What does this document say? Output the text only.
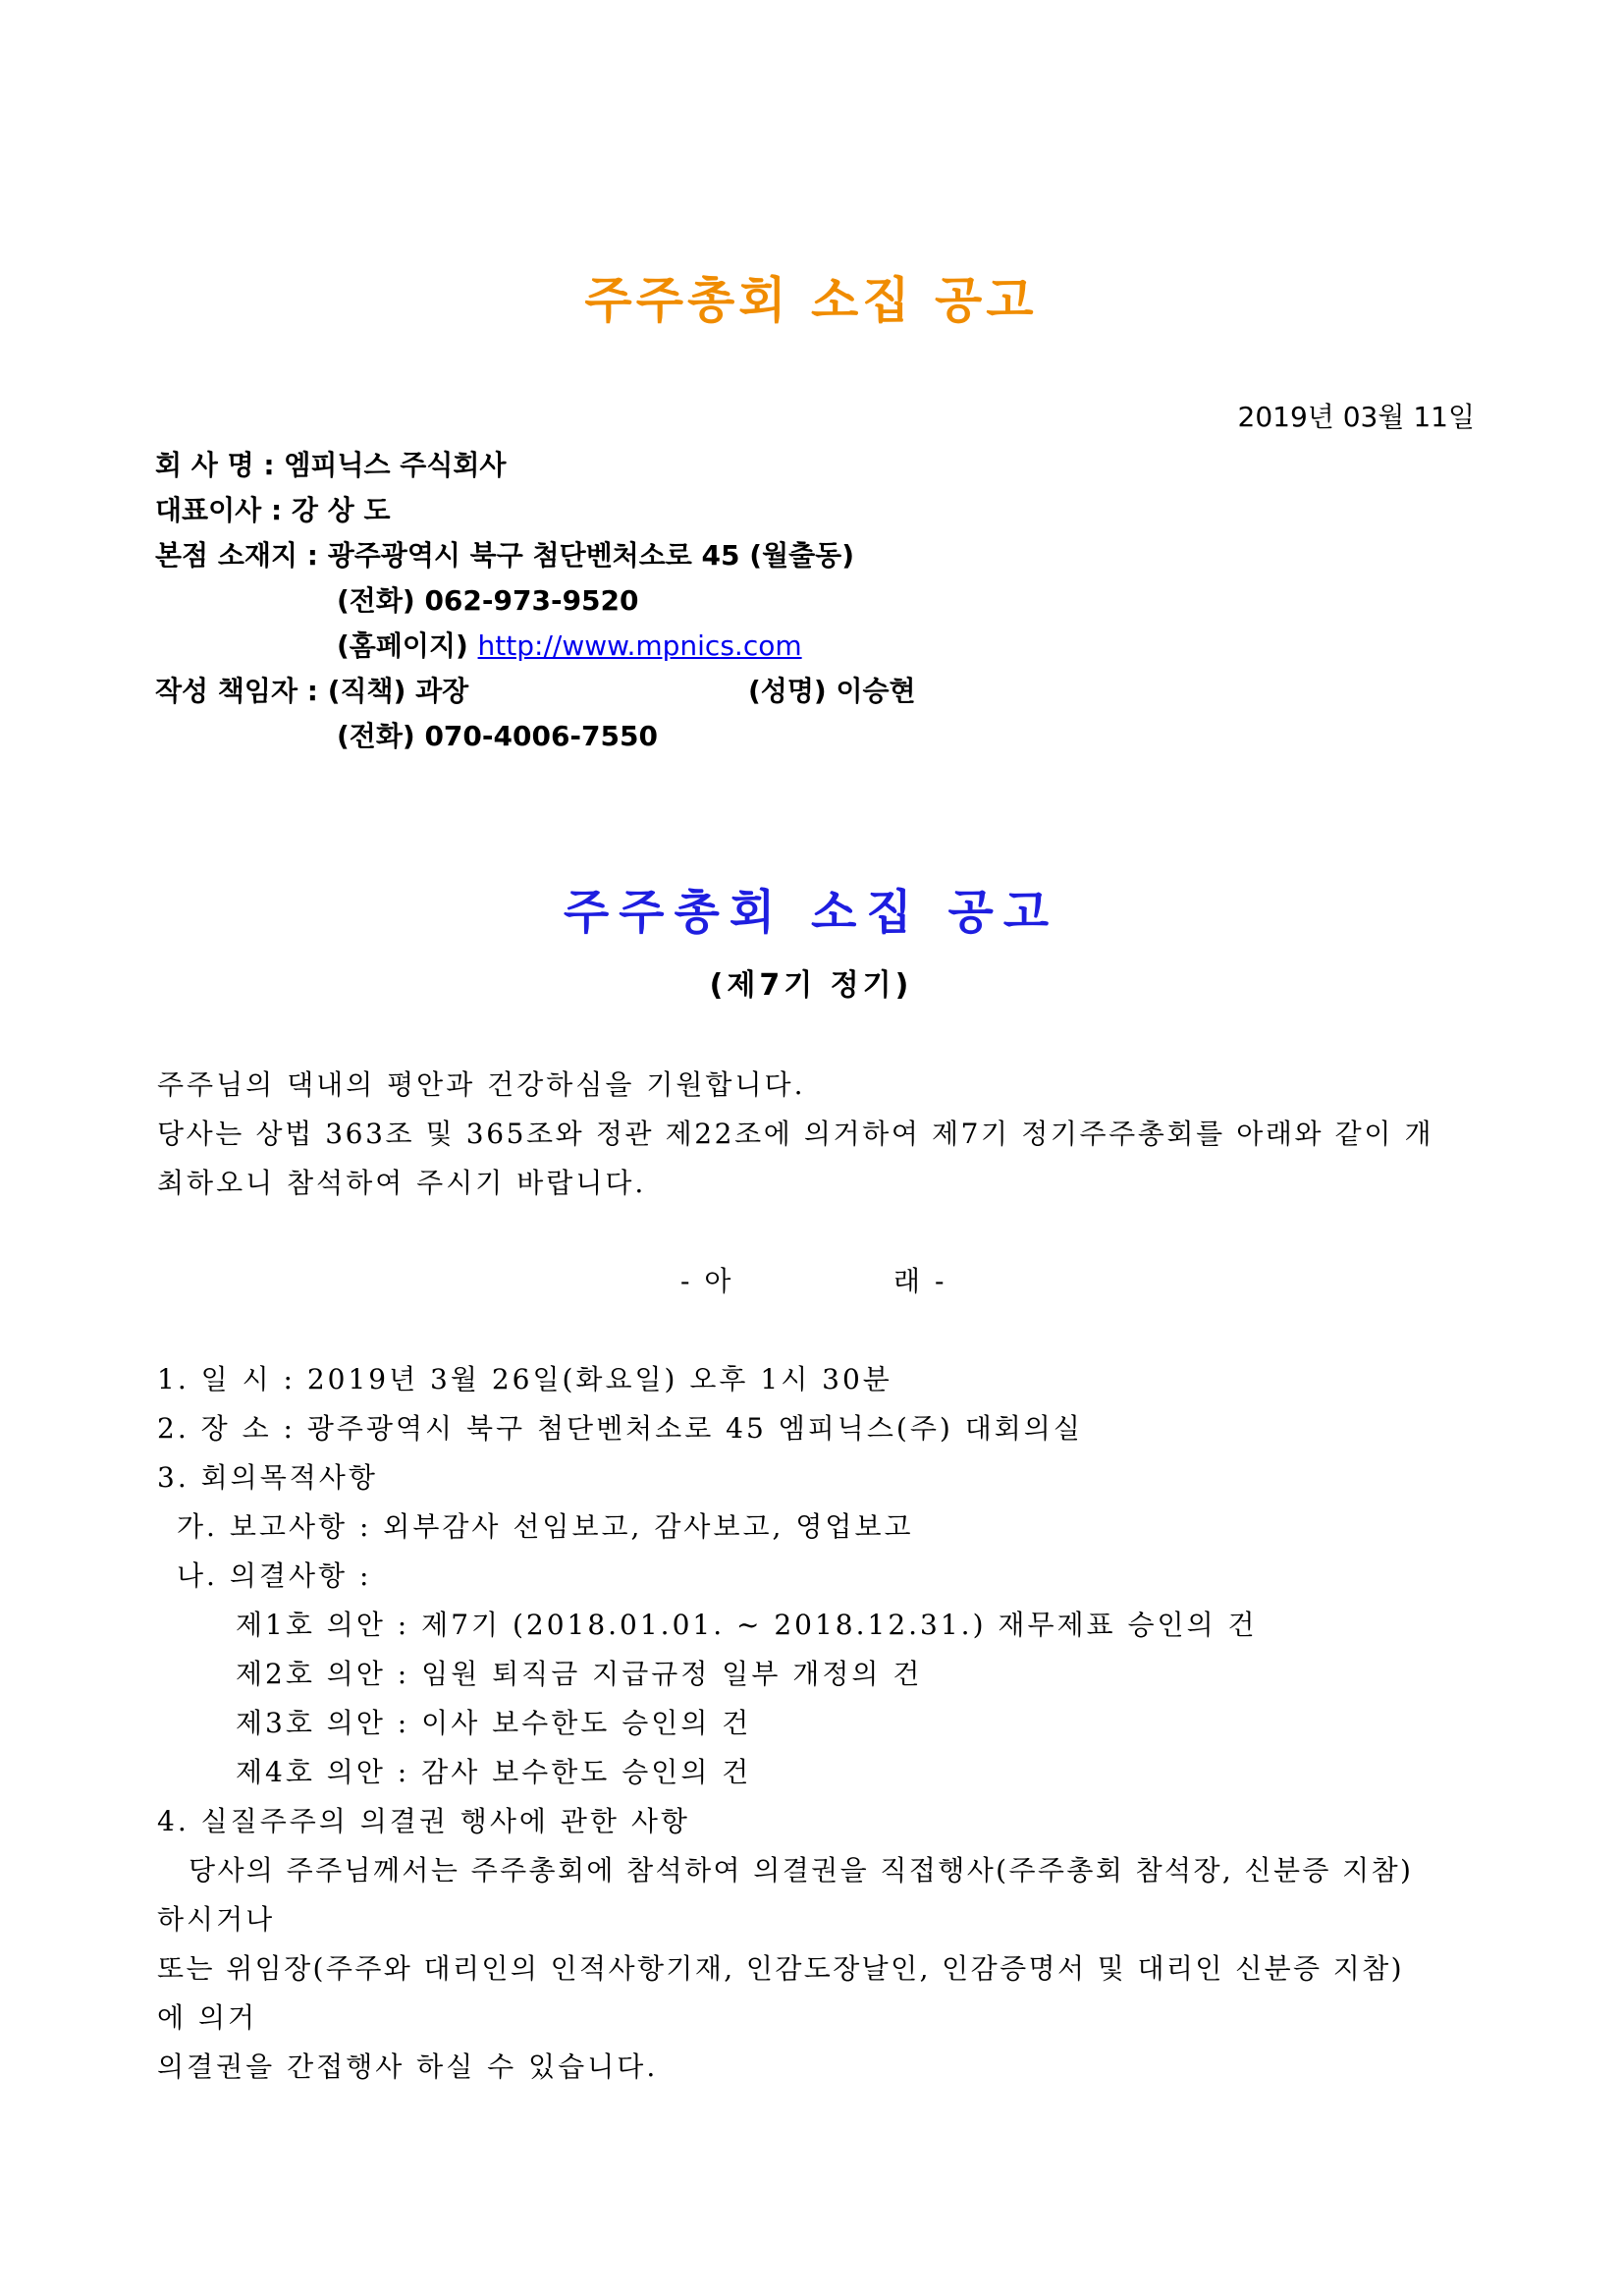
주주총회 소집 공고
2019년 03월 11일
회 사 명 : 엠피닉스 주식회사
대표이사 : 강 상 도
본점 소재지 : 광주광역시 북구 첨단벤처소로 45 (월출동)
(전화) 062-973-9520
(홈페이지) http://www.mpnics.com
작성 책임자 : (직책) 과장	(성명) 이승현
(전화) 070-4006-7550
주주총회 소집 공고
(제7기 정기)
주주님의 댁내의 평안과 건강하심을 기원합니다.
당사는 상법 363조 및 365조와 정관 제22조에 의거하여 제7기 정기주주총회를 아래와 같이 개
최하오니 참석하여 주시기 바랍니다.
- 아	래 -
1. 일 시 : 2019년 3월 26일(화요일) 오후 1시 30분
2. 장 소 : 광주광역시 북구 첨단벤처소로 45 엠피닉스(주) 대회의실
3. 회의목적사항
가. 보고사항 : 외부감사 선임보고, 감사보고, 영업보고
나. 의결사항 :
제1호 의안 : 제7기 (2018.01.01. ~ 2018.12.31.) 재무제표 승인의 건
제2호 의안 : 임원 퇴직금 지급규정 일부 개정의 건
제3호 의안 : 이사 보수한도 승인의 건
제4호 의안 : 감사 보수한도 승인의 건
4. 실질주주의 의결권 행사에 관한 사항
당사의 주주님께서는 주주총회에 참석하여 의결권을 직접행사(주주총회 참석장, 신분증 지참)
하시거나
또는 위임장(주주와 대리인의 인적사항기재, 인감도장날인, 인감증명서 및 대리인 신분증 지참)
에 의거
의결권을 간접행사 하실 수 있습니다.
